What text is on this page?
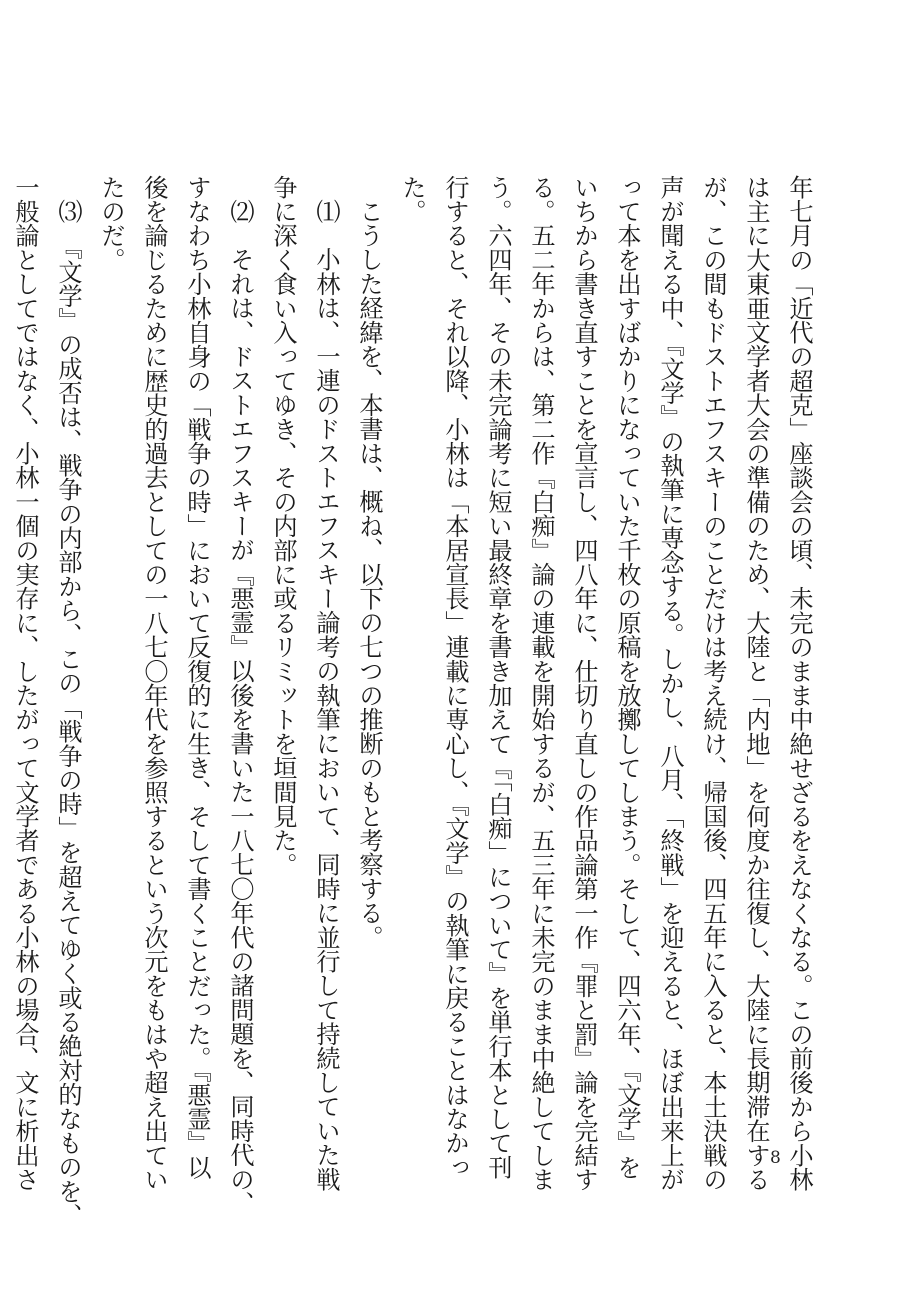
年七月の「近代の超克」座談会の頃、未完のまま中絶せざるをえなくなる。この前後から小林
は主に大東亜文学者大会の準備のため、大陸と「内地」を何度か往復し、大陸に長期滞在する
が、この間もドストエフスキーのことだけは考え続け、帰国後、四五年に入ると、本土決戦の
声が聞える中、『文学』の執筆に専念する。しかし、八月、「終戦」を迎えると、ほぼ出来上が
って本を出すばかりになっていた千枚の原稿を放擲してしまう。そして、四六年、『文学』を
いちから書き直すことを宣言し、四八年に、仕切り直しの作品論第一作『罪と罰』論を完結す
る。五二年からは、第二作『白痴』論の連載を開始するが、五三年に未完のまま中絶してしま
う。六四年、その未完論考に短い最終章を書き加えて『「白痴」について』を単行本として刊
行すると、それ以降、小林は「本居宣長」連載に専心し、『文学』の執筆に戻ることはなかっ
た。
こうした経緯を、本書は、概ね、以下の七つの推断のもと考察する。
⑴　小林は、一連のドストエフスキー論考の執筆において、同時に並行して持続していた戦
争に深く食い入ってゆき、その内部に或るリミットを垣間見た。
⑵　それは、ドストエフスキーが『悪霊』以後を書いた一八七〇年代の諸問題を、同時代の、
すなわち小林自身の「戦争の時」において反復的に生き、そして書くことだった。『悪霊』以
後を論じるために歴史的過去としての一八七〇年代を参照するという次元をもはや超え出てい
たのだ。
⑶　『文学』の成否は、戦争の内部から、この「戦争の時」を超えてゆく或る絶対的なものを、
一般論としてではなく、小林一個の実存に、したがって文学者である小林の場合、文に析出さ	8
